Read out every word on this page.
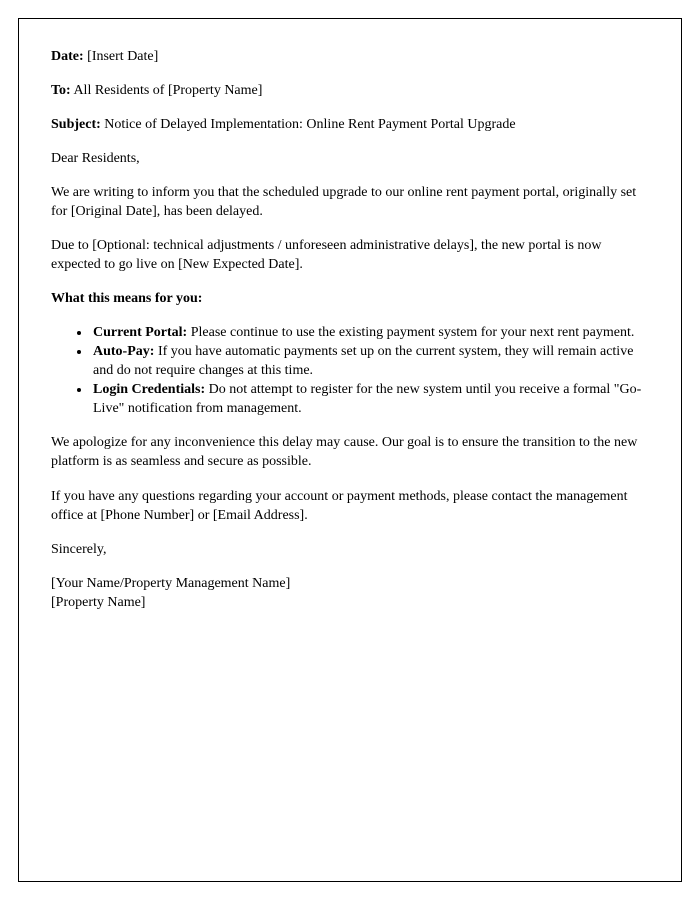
Date: [Insert Date]

To: All Residents of [Property Name]

Subject: Notice of Delayed Implementation: Online Rent Payment Portal Upgrade

Dear Residents,

We are writing to inform you that the scheduled upgrade to our online rent payment portal, originally set for [Original Date], has been delayed.

Due to [Optional: technical adjustments / unforeseen administrative delays], the new portal is now expected to go live on [New Expected Date].

What this means for you:

• Current Portal: Please continue to use the existing payment system for your next rent payment.
• Auto-Pay: If you have automatic payments set up on the current system, they will remain active and do not require changes at this time.
• Login Credentials: Do not attempt to register for the new system until you receive a formal "Go-Live" notification from management.

We apologize for any inconvenience this delay may cause. Our goal is to ensure the transition to the new platform is as seamless and secure as possible.

If you have any questions regarding your account or payment methods, please contact the management office at [Phone Number] or [Email Address].

Sincerely,

[Your Name/Property Management Name]
[Property Name]
